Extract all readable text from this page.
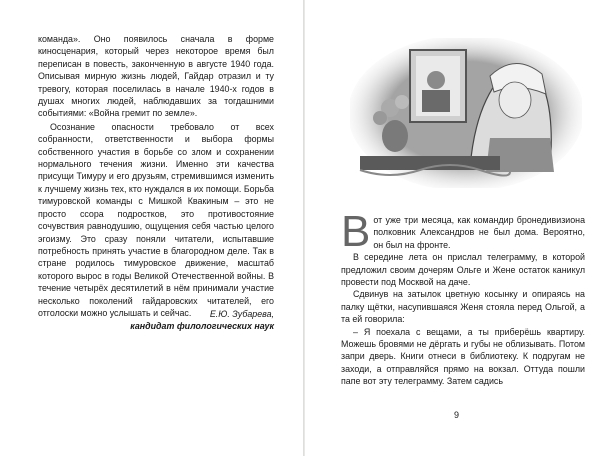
команда». Оно появилось сначала в форме киносценария, который через некоторое время был переписан в повесть, законченную в августе 1940 года. Описывая мирную жизнь людей, Гайдар отразил и ту тревогу, которая поселилась в начале 1940-х годов в душах многих людей, наблюдавших за тогдашними событиями: «Война гремит по земле».

Осознание опасности требовало от всех собранности, ответственности и выбора формы собственного участия в борьбе со злом и сохранении нормального течения жизни. Именно эти качества присущи Тимуру и его друзьям, стремившимся изменить к лучшему жизнь тех, кто нуждался в их помощи. Борьба тимуровской команды с Мишкой Квакиным – это не просто ссора подростков, это противостояние сочувствия равнодушию, ощущения себя частью целого эгоизму. Это сразу поняли читатели, испытавшие потребность принять участие в благородном деле. Так в стране родилось тимуровское движение, масштаб которого вырос в годы Великой Отечественной войны. В течение четырёх десятилетий в нём принимали участие несколько поколений гайдаровских читателей, его отголоски можно услышать и сейчас.	Е.Ю. Зубарева,
кандидат филологических наук

Вот уже три месяца, как командир бронедивизиона полковник Александров не был дома. Вероятно, он был на фронте.

В середине лета он прислал телеграмму, в которой предложил своим дочерям Ольге и Жене остаток каникул провести под Москвой на даче.

Сдвинув на затылок цветную косынку и опираясь на палку щётки, насупившаяся Женя стояла перед Ольгой, а та ей говорила:

– Я поехала с вещами, а ты приберёшь квартиру. Можешь бровями не дёргать и губы не облизывать. Потом запри дверь. Книги отнеси в библиотеку. К подругам не заходи, а отправляйся прямо на вокзал. Оттуда пошли папе вот эту телеграмму. Затем садись

9
